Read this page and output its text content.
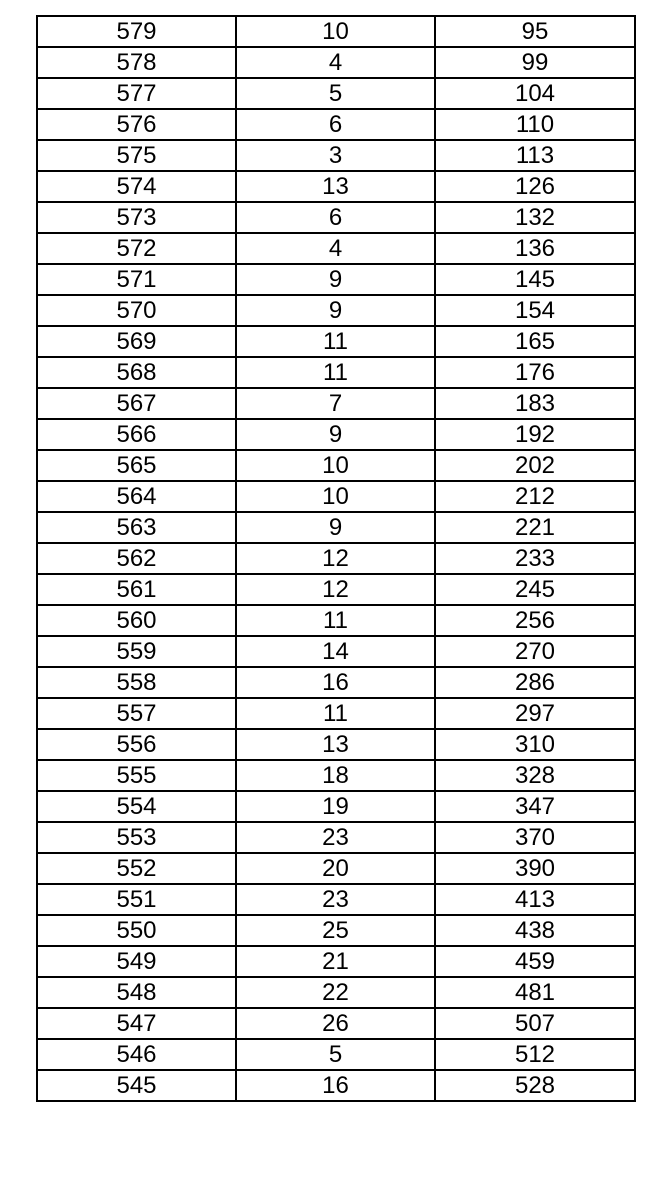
579	10	95
578	4	99
577	5	104
576	6	110
575	3	113
574	13	126
573	6	132
572	4	136
571	9	145
570	9	154
569	11	165
568	11	176
567	7	183
566	9	192
565	10	202
564	10	212
563	9	221
562	12	233
561	12	245
560	11	256
559	14	270
558	16	286
557	11	297
556	13	310
555	18	328
554	19	347
553	23	370
552	20	390
551	23	413
550	25	438
549	21	459
548	22	481
547	26	507
546	5	512
545	16	528
